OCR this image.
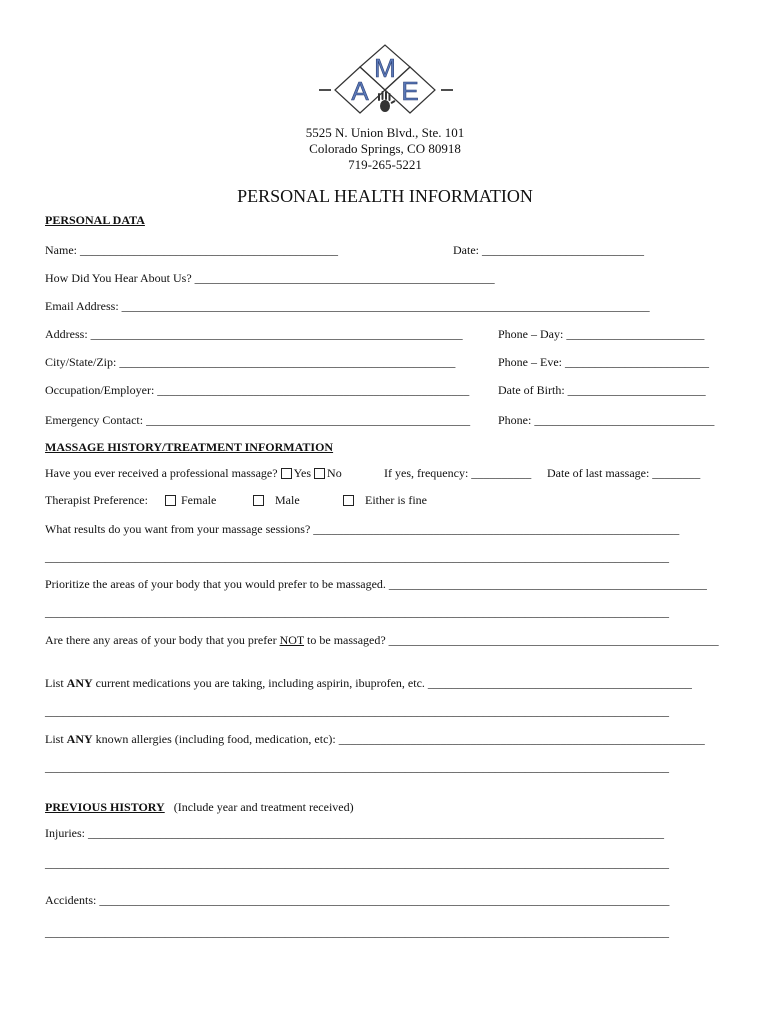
A
M
E
5525 N. Union Blvd., Ste. 101
Colorado Springs, CO 80918
719-265-5221
PERSONAL HEALTH INFORMATION
PERSONAL DATA
Name: ___________________________________________	Date: ___________________________
How Did You Hear About Us? __________________________________________________
Email Address: ________________________________________________________________________________________
Address: ______________________________________________________________	Phone – Day: _______________________
City/State/Zip: ________________________________________________________	Phone – Eve: ________________________
Occupation/Employer: ____________________________________________________ Date of Birth: _______________________
Emergency Contact: ______________________________________________________ Phone: ______________________________
MASSAGE HISTORY/TREATMENT INFORMATION
Have you ever received a professional massage? Yes No	If yes, frequency: __________ Date of last massage: ________
Therapist Preference:	Female	Male	Either is fine
What results do you want from your massage sessions? _____________________________________________________________
________________________________________________________________________________________________________
Prioritize the areas of your body that you would prefer to be massaged. _____________________________________________________
________________________________________________________________________________________________________
Are there any areas of your body that you prefer NOT to be massaged? _______________________________________________________
List ANY current medications you are taking, including aspirin, ibuprofen, etc. ____________________________________________
________________________________________________________________________________________________________
List ANY known allergies (including food, medication, etc): _____________________________________________________________
________________________________________________________________________________________________________
PREVIOUS HISTORY (Include year and treatment received)
Injuries: ________________________________________________________________________________________________
________________________________________________________________________________________________________
Accidents: _______________________________________________________________________________________________
________________________________________________________________________________________________________
